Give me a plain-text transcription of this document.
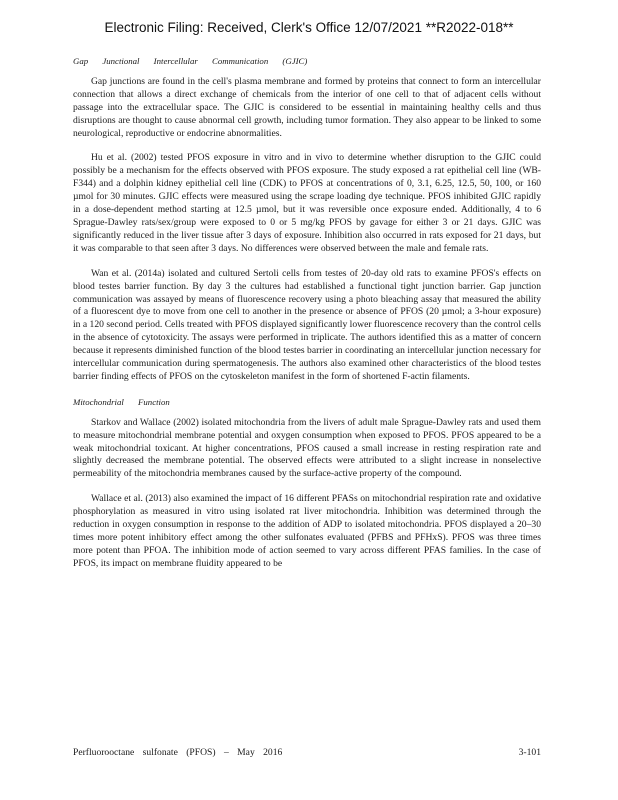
Electronic Filing: Received, Clerk's Office 12/07/2021 **R2022-018**
Gap Junctional Intercellular Communication (GJIC)

Gap junctions are found in the cell's plasma membrane and formed by proteins that connect to form an intercellular connection that allows a direct exchange of chemicals from the interior of one cell to that of adjacent cells without passage into the extracellular space. The GJIC is considered to be essential in maintaining healthy cells and thus disruptions are thought to cause abnormal cell growth, including tumor formation. They also appear to be linked to some neurological, reproductive or endocrine abnormalities.

Hu et al. (2002) tested PFOS exposure in vitro and in vivo to determine whether disruption to the GJIC could possibly be a mechanism for the effects observed with PFOS exposure. The study exposed a rat epithelial cell line (WB-F344) and a dolphin kidney epithelial cell line (CDK) to PFOS at concentrations of 0, 3.1, 6.25, 12.5, 50, 100, or 160 µmol for 30 minutes. GJIC effects were measured using the scrape loading dye technique. PFOS inhibited GJIC rapidly in a dose-dependent method starting at 12.5 µmol, but it was reversible once exposure ended. Additionally, 4 to 6 Sprague-Dawley rats/sex/group were exposed to 0 or 5 mg/kg PFOS by gavage for either 3 or 21 days. GJIC was significantly reduced in the liver tissue after 3 days of exposure. Inhibition also occurred in rats exposed for 21 days, but it was comparable to that seen after 3 days. No differences were observed between the male and female rats.

Wan et al. (2014a) isolated and cultured Sertoli cells from testes of 20-day old rats to examine PFOS's effects on blood testes barrier function. By day 3 the cultures had established a functional tight junction barrier. Gap junction communication was assayed by means of fluorescence recovery using a photo bleaching assay that measured the ability of a fluorescent dye to move from one cell to another in the presence or absence of PFOS (20 µmol; a 3-hour exposure) in a 120 second period. Cells treated with PFOS displayed significantly lower fluorescence recovery than the control cells in the absence of cytotoxicity. The assays were performed in triplicate. The authors identified this as a matter of concern because it represents diminished function of the blood testes barrier in coordinating an intercellular junction necessary for intercellular communication during spermatogenesis. The authors also examined other characteristics of the blood testes barrier finding effects of PFOS on the cytoskeleton manifest in the form of shortened F-actin filaments.

Mitochondrial Function

Starkov and Wallace (2002) isolated mitochondria from the livers of adult male Sprague-Dawley rats and used them to measure mitochondrial membrane potential and oxygen consumption when exposed to PFOS. PFOS appeared to be a weak mitochondrial toxicant. At higher concentrations, PFOS caused a small increase in resting respiration rate and slightly decreased the membrane potential. The observed effects were attributed to a slight increase in nonselective permeability of the mitochondria membranes caused by the surface-active property of the compound.

Wallace et al. (2013) also examined the impact of 16 different PFASs on mitochondrial respiration rate and oxidative phosphorylation as measured in vitro using isolated rat liver mitochondria. Inhibition was determined through the reduction in oxygen consumption in response to the addition of ADP to isolated mitochondria. PFOS displayed a 20–30 times more potent inhibitory effect among the other sulfonates evaluated (PFBS and PFHxS). PFOS was three times more potent than PFOA. The inhibition mode of action seemed to vary across different PFAS families. In the case of PFOS, its impact on membrane fluidity appeared to be

Perfluorooctane sulfonate (PFOS) – May 2016	3-101
